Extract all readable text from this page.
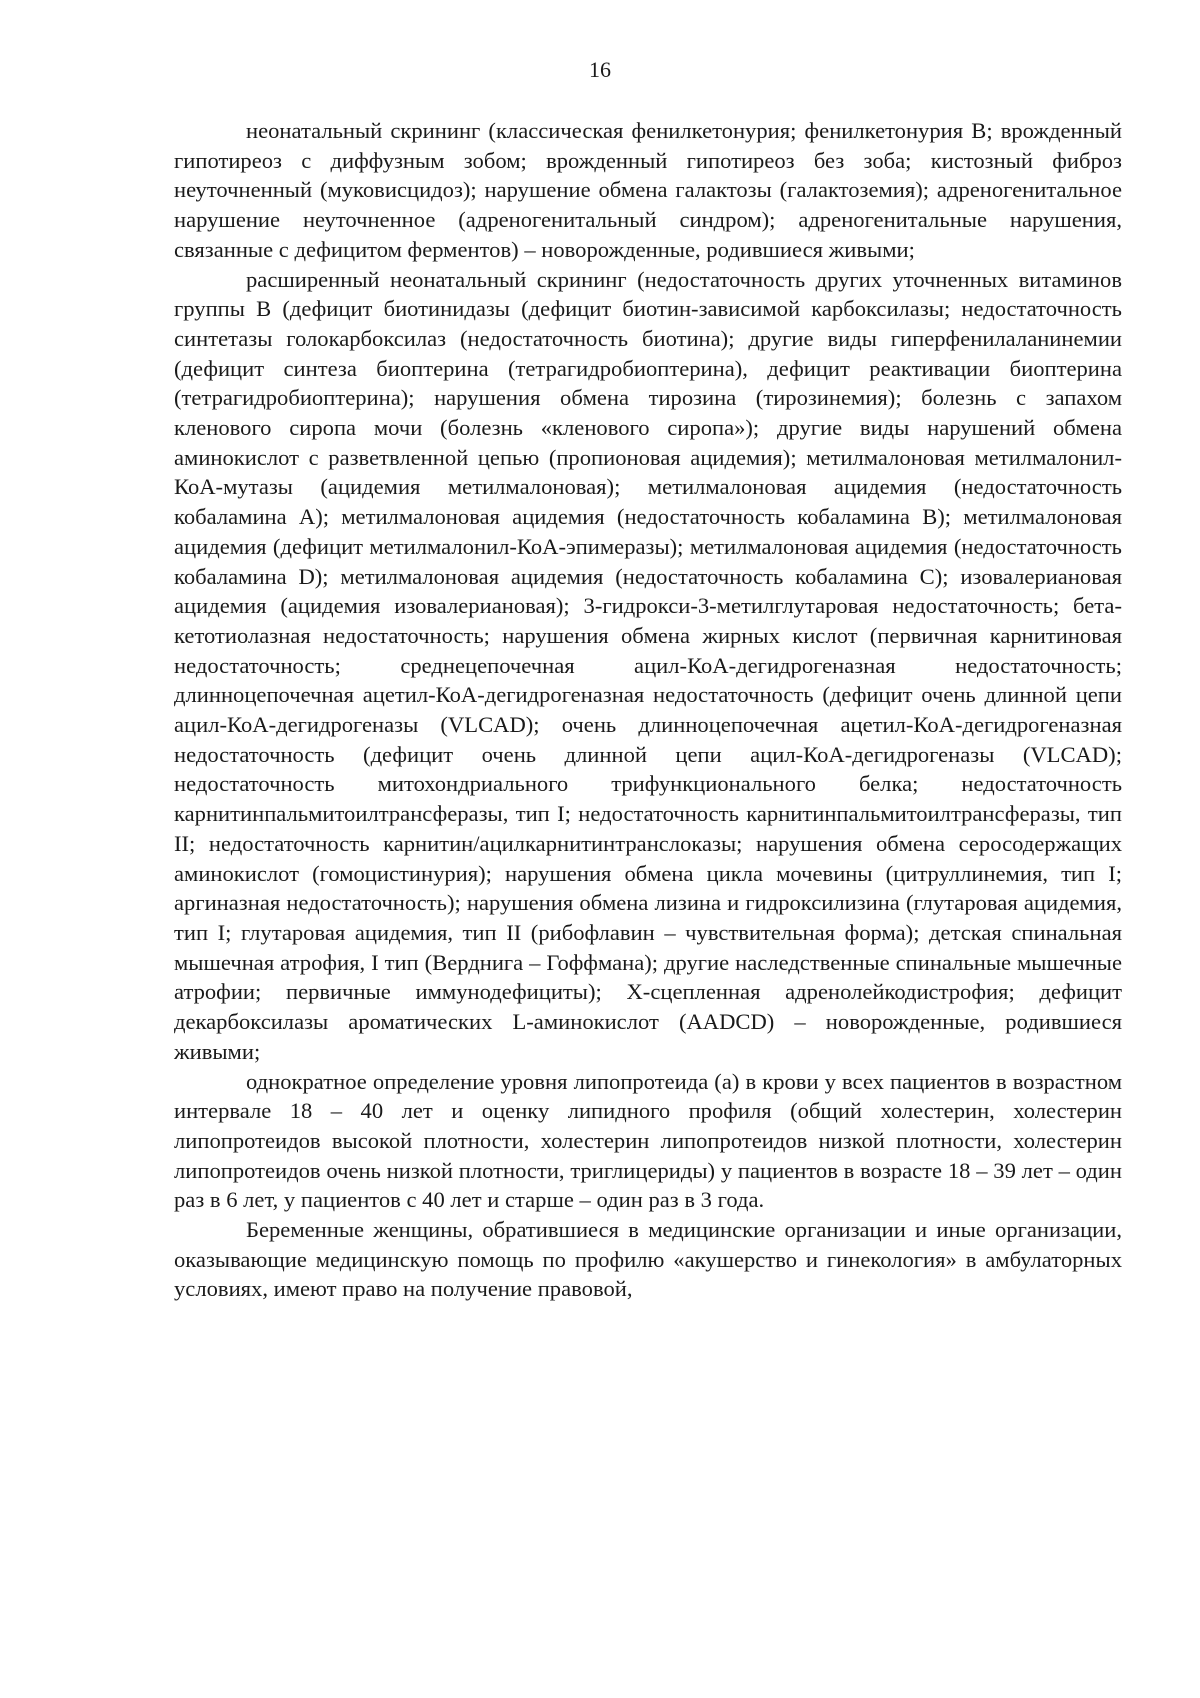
16

неонатальный скрининг (классическая фенилкетонурия; фенилкетонурия B; врожденный гипотиреоз с диффузным зобом; врожденный гипотиреоз без зоба; кистозный фиброз неуточненный (муковисцидоз); нарушение обмена галактозы (галактоземия); адреногенитальное нарушение неуточненное (адреногенитальный синдром); адреногенитальные нарушения, связанные с дефицитом ферментов) – новорожденные, родившиеся живыми;

расширенный неонатальный скрининг (недостаточность других уточненных витаминов группы В (дефицит биотинидазы (дефицит биотин-зависимой карбоксилазы; недостаточность синтетазы голокарбоксилаз (недостаточность биотина); другие виды гиперфенилаланинемии (дефицит синтеза биоптерина (тетрагидробиоптерина), дефицит реактивации биоптерина (тетрагидробиоптерина); нарушения обмена тирозина (тирозинемия); болезнь с запахом кленового сиропа мочи (болезнь «кленового сиропа»); другие виды нарушений обмена аминокислот с разветвленной цепью (пропионовая ацидемия); метилмалоновая метилмалонил-КоА-мутазы (ацидемия метилмалоновая); метилмалоновая ацидемия (недостаточность кобаламина А); метилмалоновая ацидемия (недостаточность кобаламина В); метилмалоновая ацидемия (дефицит метилмалонил-КоА-эпимеразы); метилмалоновая ацидемия (недостаточность кобаламина D); метилмалоновая ацидемия (недостаточность кобаламина С); изовалериановая ацидемия (ацидемия изовалериановая); 3-гидрокси-3-метилглутаровая недостаточность; бета-кетотиолазная недостаточность; нарушения обмена жирных кислот (первичная карнитиновая недостаточность; среднецепочечная ацил-КоА-дегидрогеназная недостаточность; длинноцепочечная ацетил-КоА-дегидрогеназная недостаточность (дефицит очень длинной цепи ацил-КоА-дегидрогеназы (VLCAD); очень длинноцепочечная ацетил-КоА-дегидрогеназная недостаточность (дефицит очень длинной цепи ацил-КоА-дегидрогеназы (VLCAD); недостаточность митохондриального трифункционального белка; недостаточность карнитинпальмитоилтрансферазы, тип I; недостаточность карнитинпальмитоилтрансферазы, тип II; недостаточность карнитин/ацилкарнитинтранслоказы; нарушения обмена серосодержащих аминокислот (гомоцистинурия); нарушения обмена цикла мочевины (цитруллинемия, тип I; аргиназная недостаточность); нарушения обмена лизина и гидроксилизина (глутаровая ацидемия, тип I; глутаровая ацидемия, тип II (рибофлавин – чувствительная форма); детская спинальная мышечная атрофия, I тип (Верднига – Гоффмана); другие наследственные спинальные мышечные атрофии; первичные иммунодефициты); Х-сцепленная адренолейкодистрофия; дефицит декарбоксилазы ароматических L-аминокислот (AADCD) – новорожденные, родившиеся живыми;

однократное определение уровня липопротеида (а) в крови у всех пациентов в возрастном интервале 18 – 40 лет и оценку липидного профиля (общий холестерин, холестерин липопротеидов высокой плотности, холестерин липопротеидов низкой плотности, холестерин липопротеидов очень низкой плотности, триглицериды) у пациентов в возрасте 18 – 39 лет – один раз в 6 лет, у пациентов с 40 лет и старше – один раз в 3 года.

Беременные женщины, обратившиеся в медицинские организации и иные организации, оказывающие медицинскую помощь по профилю «акушерство и гинекология» в амбулаторных условиях, имеют право на получение правовой,
